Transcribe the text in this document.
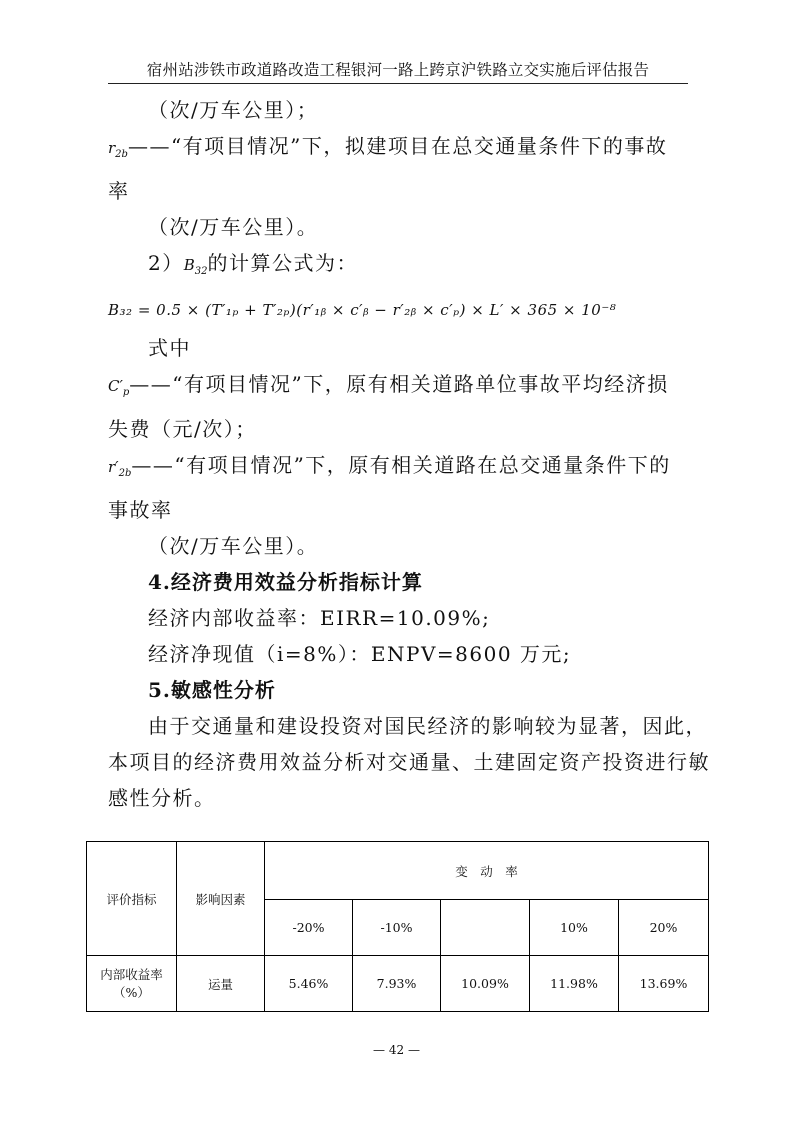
宿州站涉铁市政道路改造工程银河一路上跨京沪铁路立交实施后评估报告
（次/万车公里）；
$r_{2b}——“$有项目情况”下，拟建项目在总交通量条件下的事故
率
（次/万车公里）。
$2)B_{32}$的计算公式为：
B₃₂ = 0.5 × (T′₁ₚ + T′₂ₚ)(r′₁ᵦ × c′ᵦ − r′₂ᵦ × c′ₚ) × L′ × 365 × 10⁻⁸
式中
$C'_p——“$有项目情况”下，原有相关道路单位事故平均经济损
失费（元/次）；
$r'_{2b}——“$有项目情况”下，原有相关道路在总交通量条件下的
事故率
（次/万车公里）。
4.经济费用效益分析指标计算
经济内部收益率：EIRR=10.09%;
经济净现值（i=8%）：ENPV=8600 万元;
5.敏感性分析
由于交通量和建设投资对国民经济的影响较为显著，因此，
本项目的经济费用效益分析对交通量、土建固定资产投资进行敏
感性分析。
评价指标	影响因素	变　动　率				
		-20%	-10%		10%	20%
内部收益率（%）	运量	5.46%	7.93%	10.09%	11.98%	13.69%
— 42 —
